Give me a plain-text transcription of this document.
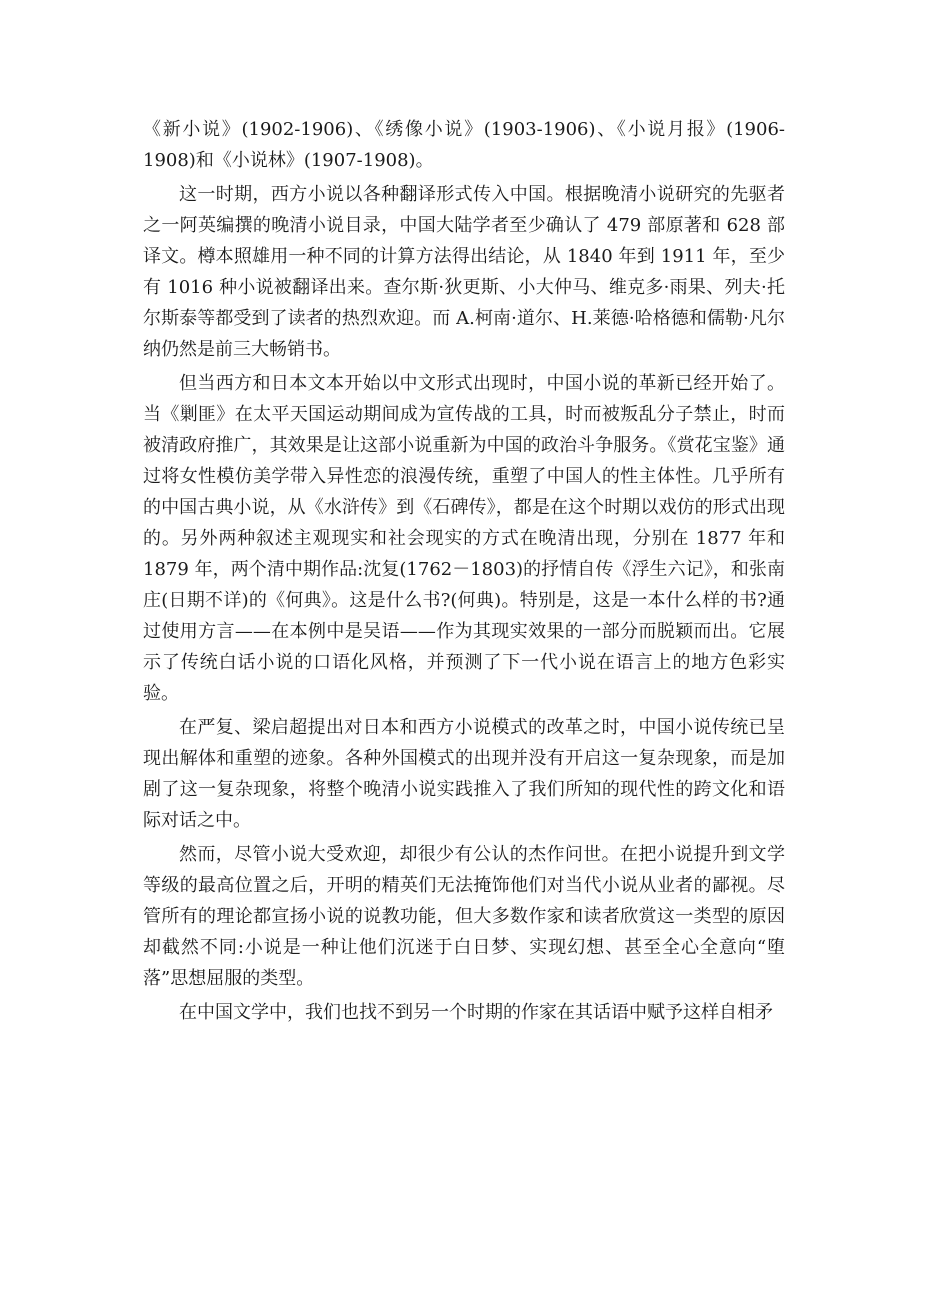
《新小说》(1902-1906)、《绣像小说》(1903-1906)、《小说月报》(1906-1908)和《小说林》(1907-1908)。

这一时期，西方小说以各种翻译形式传入中国。根据晚清小说研究的先驱者之一阿英编撰的晚清小说目录，中国大陆学者至少确认了 479 部原著和 628 部译文。樽本照雄用一种不同的计算方法得出结论，从 1840 年到 1911 年，至少有 1016 种小说被翻译出来。查尔斯·狄更斯、小大仲马、维克多·雨果、列夫·托尔斯泰等都受到了读者的热烈欢迎。而 A.柯南·道尔、H.莱德·哈格德和儒勒·凡尔纳仍然是前三大畅销书。

但当西方和日本文本开始以中文形式出现时，中国小说的革新已经开始了。当《剿匪》在太平天国运动期间成为宣传战的工具，时而被叛乱分子禁止，时而被清政府推广，其效果是让这部小说重新为中国的政治斗争服务。《赏花宝鉴》通过将女性模仿美学带入异性恋的浪漫传统，重塑了中国人的性主体性。几乎所有的中国古典小说，从《水浒传》到《石碑传》，都是在这个时期以戏仿的形式出现的。另外两种叙述主观现实和社会现实的方式在晚清出现，分别在 1877 年和 1879 年，两个清中期作品:沈复(1762－1803)的抒情自传《浮生六记》，和张南庄(日期不详)的《何典》。这是什么书?(何典)。特别是，这是一本什么样的书?通过使用方言——在本例中是吴语——作为其现实效果的一部分而脱颖而出。它展示了传统白话小说的口语化风格，并预测了下一代小说在语言上的地方色彩实验。

在严复、梁启超提出对日本和西方小说模式的改革之时，中国小说传统已呈现出解体和重塑的迹象。各种外国模式的出现并没有开启这一复杂现象，而是加剧了这一复杂现象，将整个晚清小说实践推入了我们所知的现代性的跨文化和语际对话之中。

然而，尽管小说大受欢迎，却很少有公认的杰作问世。在把小说提升到文学等级的最高位置之后，开明的精英们无法掩饰他们对当代小说从业者的鄙视。尽管所有的理论都宣扬小说的说教功能，但大多数作家和读者欣赏这一类型的原因却截然不同:小说是一种让他们沉迷于白日梦、实现幻想、甚至全心全意向“堕落”思想屈服的类型。

在中国文学中，我们也找不到另一个时期的作家在其话语中赋予这样自相矛
